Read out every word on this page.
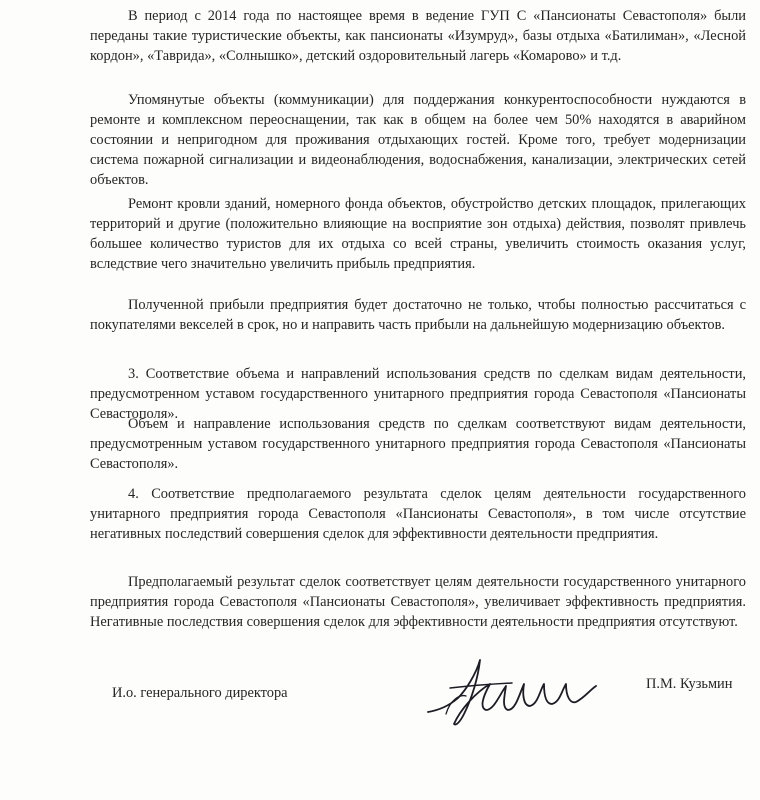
В период с 2014 года по настоящее время в ведение ГУП С «Пансионаты Севастополя» были переданы такие туристические объекты, как пансионаты «Изумруд», базы отдыха «Батилиман», «Лесной кордон», «Таврида», «Солнышко», детский оздоровительный лагерь «Комарово» и т.д.

Упомянутые объекты (коммуникации) для поддержания конкурентоспособности нуждаются в ремонте и комплексном переоснащении, так как в общем на более чем 50% находятся в аварийном состоянии и непригодном для проживания отдыхающих гостей. Кроме того, требует модернизации система пожарной сигнализации и видеонаблюдения, водоснабжения, канализации, электрических сетей объектов.

Ремонт кровли зданий, номерного фонда объектов, обустройство детских площадок, прилегающих территорий и другие (положительно влияющие на восприятие зон отдыха) действия, позволят привлечь большее количество туристов для их отдыха со всей страны, увеличить стоимость оказания услуг, вследствие чего значительно увеличить прибыль предприятия.

Полученной прибыли предприятия будет достаточно не только, чтобы полностью рассчитаться с покупателями векселей в срок, но и направить часть прибыли на дальнейшую модернизацию объектов.

3. Соответствие объема и направлений использования средств по сделкам видам деятельности, предусмотренном уставом государственного унитарного предприятия города Севастополя «Пансионаты Севастополя».

Объем и направление использования средств по сделкам соответствуют видам деятельности, предусмотренным уставом государственного унитарного предприятия города Севастополя «Пансионаты Севастополя».

4. Соответствие предполагаемого результата сделок целям деятельности государственного унитарного предприятия города Севастополя «Пансионаты Севастополя», в том числе отсутствие негативных последствий совершения сделок для эффективности деятельности предприятия.

Предполагаемый результат сделок соответствует целям деятельности государственного унитарного предприятия города Севастополя «Пансионаты Севастополя», увеличивает эффективность предприятия. Негативные последствия совершения сделок для эффективности деятельности предприятия отсутствуют.

И.о. генерального директора
П.М. Кузьмин
